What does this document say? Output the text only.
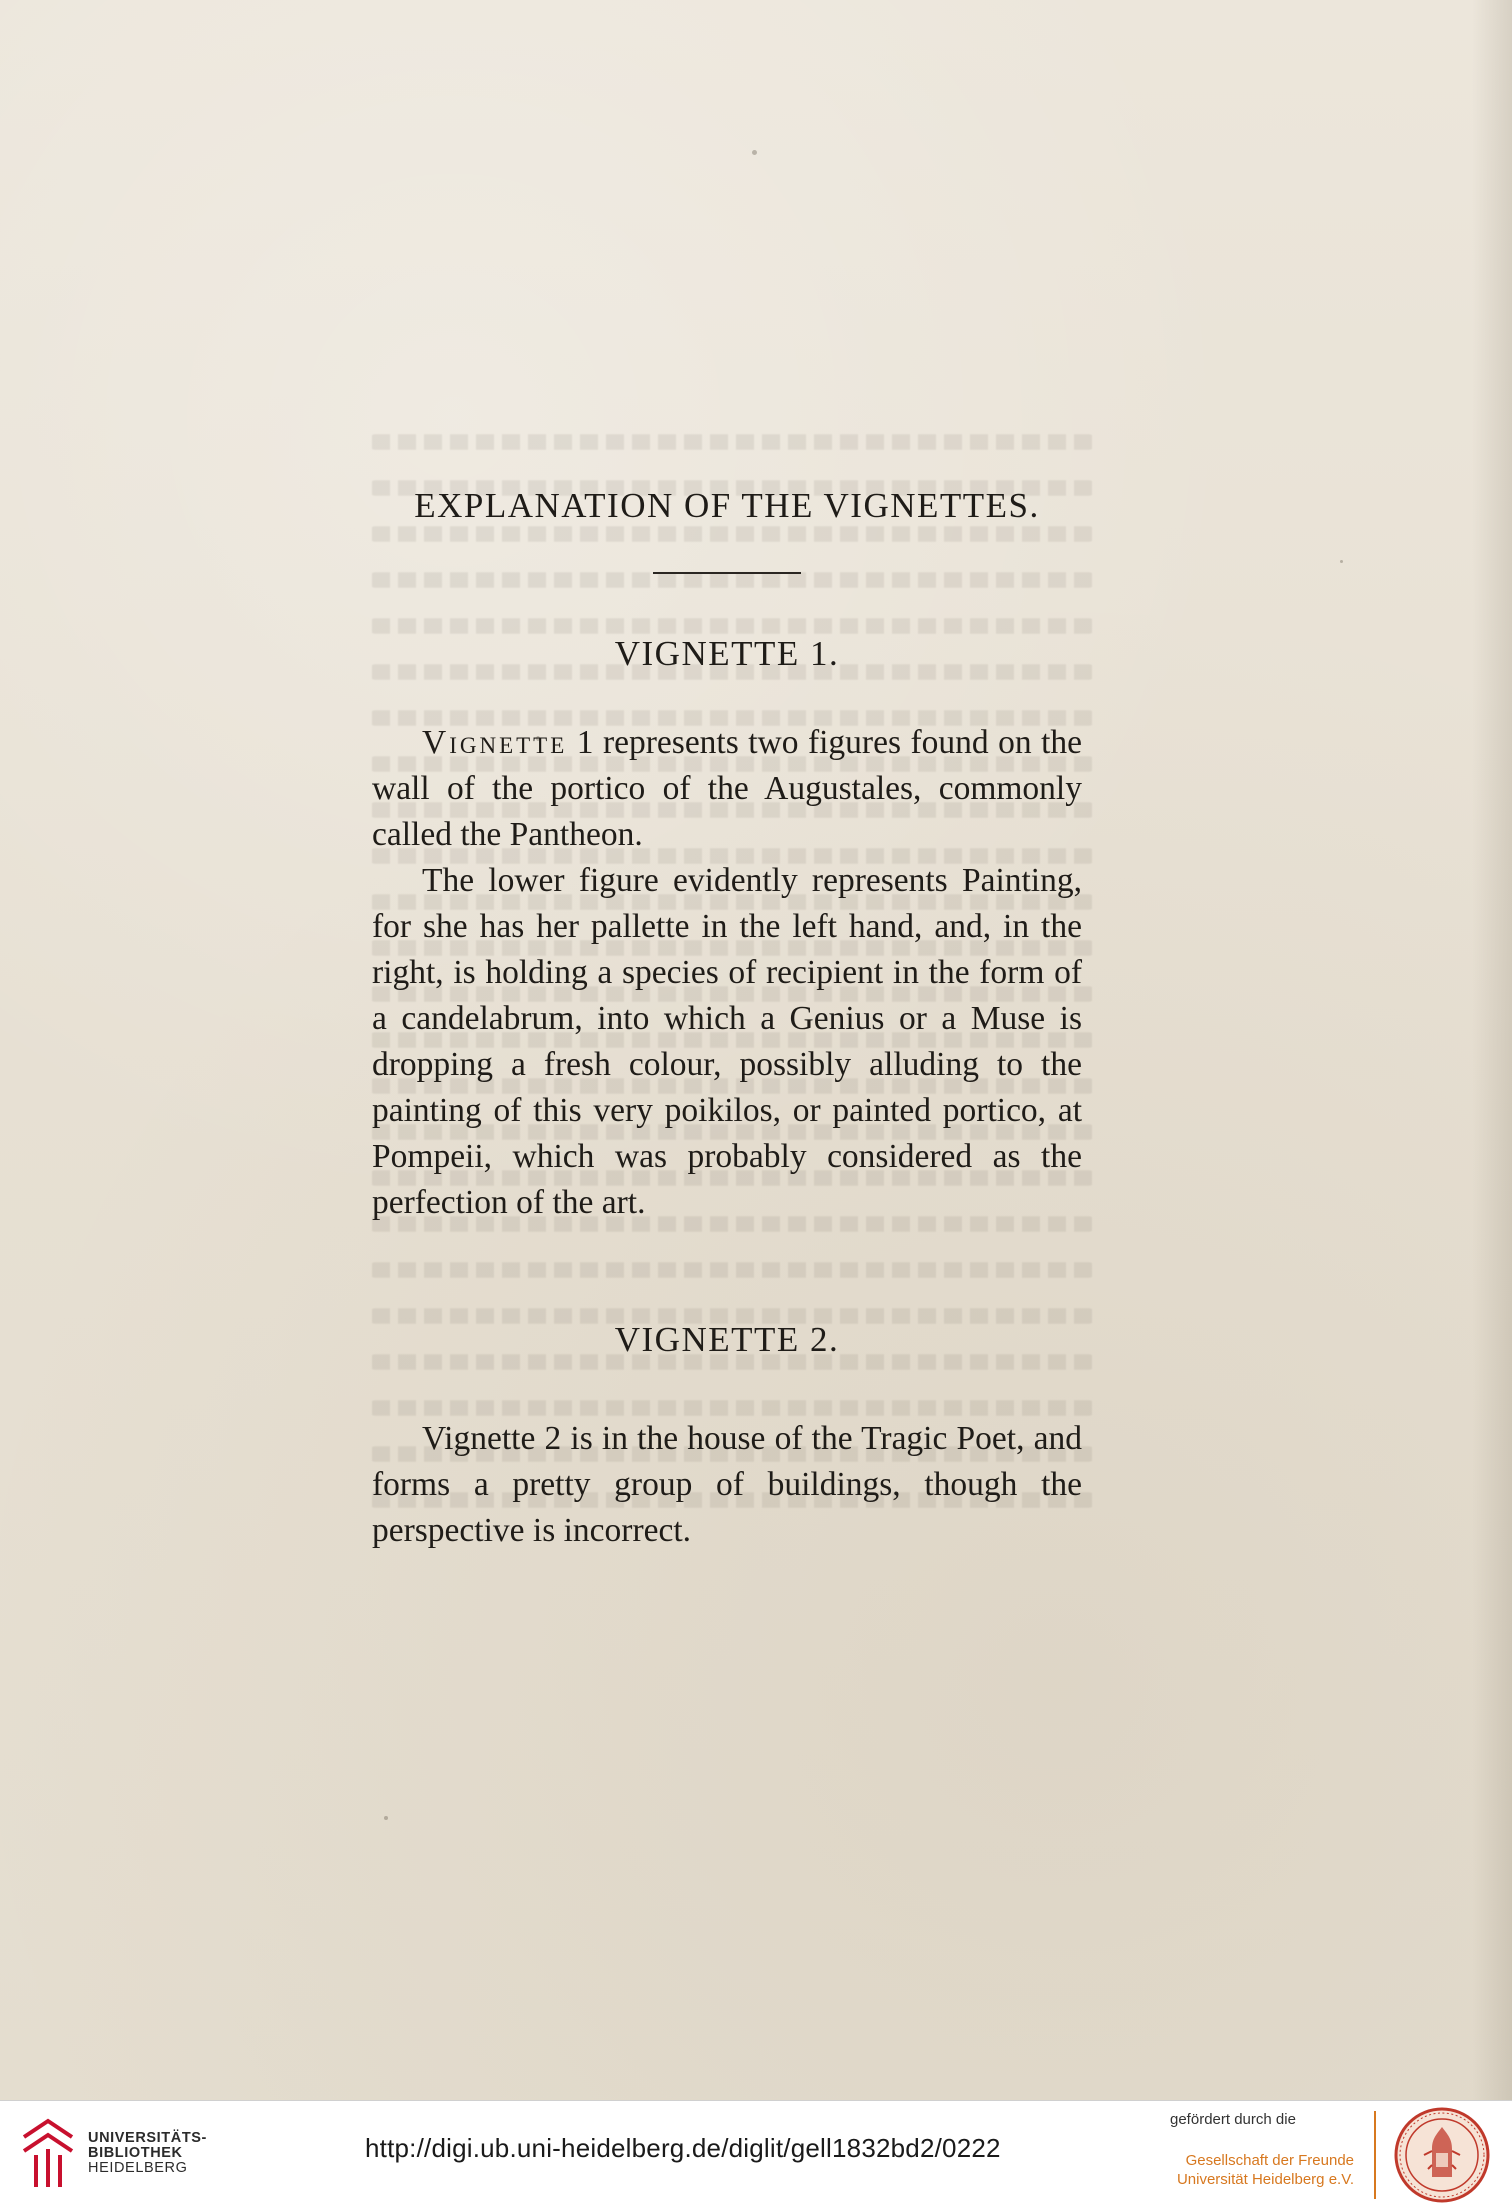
EXPLANATION OF THE VIGNETTES.
VIGNETTE 1.

Vignette 1 represents two figures found on the wall of the portico of the Augustales, commonly called the Pantheon.

The lower figure evidently represents Painting, for she has her pallette in the left hand, and, in the right, is holding a species of recipient in the form of a candelabrum, into which a Genius or a Muse is dropping a fresh colour, possibly alluding to the painting of this very poikilos, or painted portico, at Pompeii, which was probably considered as the perfection of the art.

VIGNETTE 2.

Vignette 2 is in the house of the Tragic Poet, and forms a pretty group of buildings, though the perspective is incorrect.

UNIVERSITÄTS-
BIBLIOTHEK
HEIDELBERG
http://digi.ub.uni-heidelberg.de/diglit/gell1832bd2/0222
gefördert durch die
Gesellschaft der Freunde
Universität Heidelberg e.V.
